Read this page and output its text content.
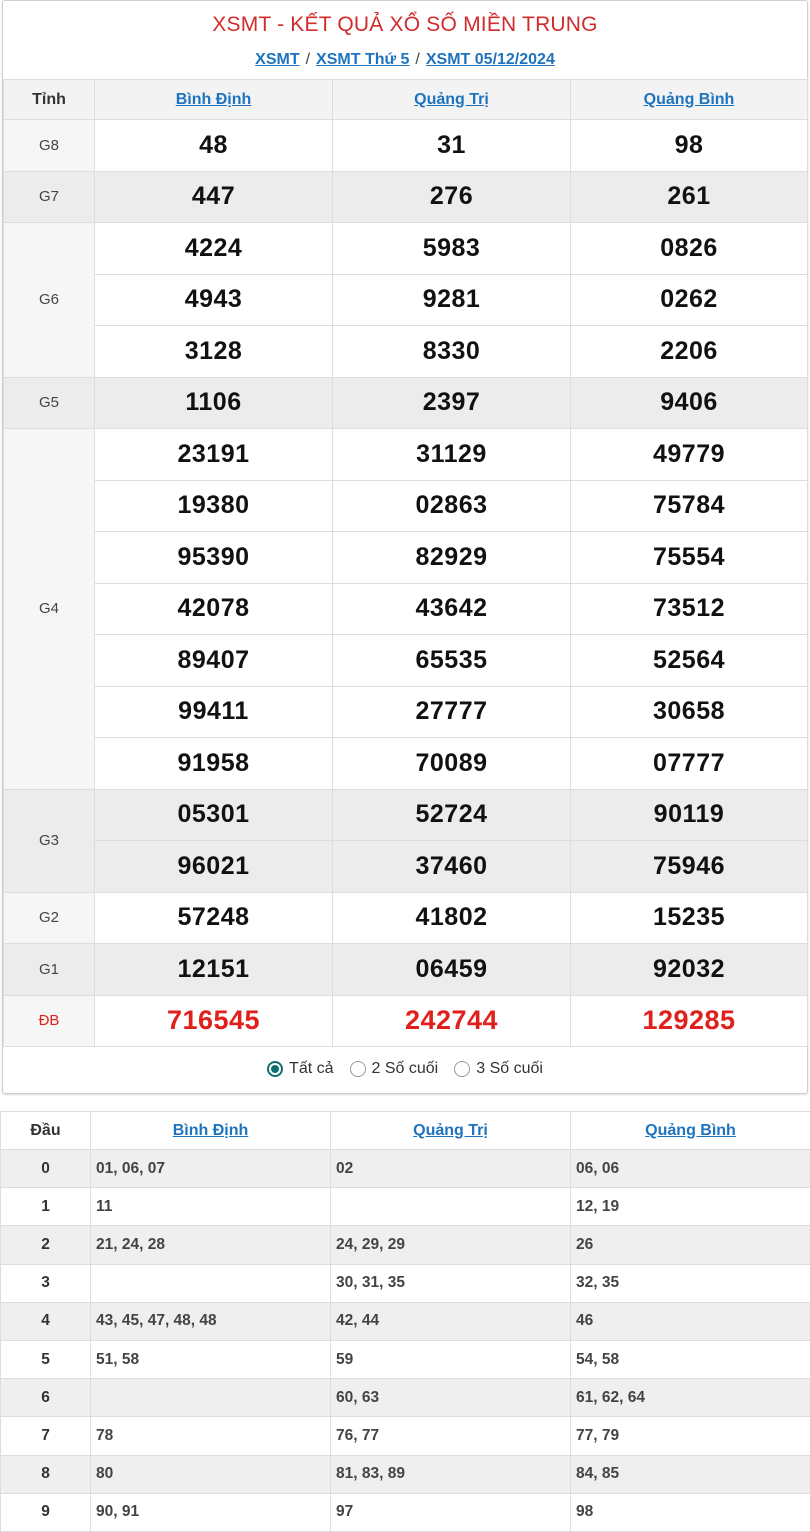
XSMT - KẾT QUẢ XỔ SỐ MIỀN TRUNG
XSMT / XSMT Thứ 5 / XSMT 05/12/2024
Tỉnh	Bình Định	Quảng Trị	Quảng Bình
G8	48	31	98
G7	447	276	261
G6	4224	5983	0826
	4943	9281	0262
	3128	8330	2206
G5	1106	2397	9406
G4	23191	31129	49779
	19380	02863	75784
	95390	82929	75554
	42078	43642	73512
	89407	65535	52564
	99411	27777	30658
	91958	70089	07777
G3	05301	52724	90119
	96021	37460	75946
G2	57248	41802	15235
G1	12151	06459	92032
ĐB	716545	242744	129285
Tất cả 2 Số cuối 3 Số cuối
Đầu	Bình Định	Quảng Trị	Quảng Bình
0	01, 06, 07	02	06, 06
1	11		12, 19
2	21, 24, 28	24, 29, 29	26
3		30, 31, 35	32, 35
4	43, 45, 47, 48, 48	42, 44	46
5	51, 58	59	54, 58
6		60, 63	61, 62, 64
7	78	76, 77	77, 79
8	80	81, 83, 89	84, 85
9	90, 91	97	98
